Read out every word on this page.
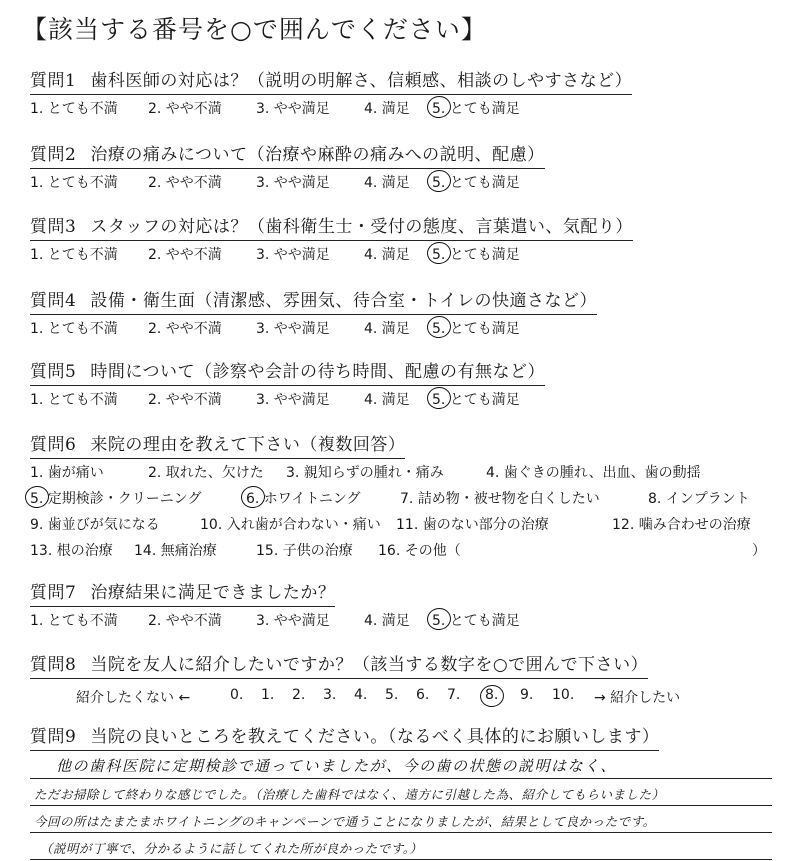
【該当する番号を○で囲んでください】
質問1 歯科医師の対応は？（説明の明解さ、信頼感、相談のしやすさなど）
1. とても不満 2. やや不満 3. やや満足 4. 満足 5. とても満足
質問2 治療の痛みについて（治療や麻酔の痛みへの説明、配慮）
1. とても不満 2. やや不満 3. やや満足 4. 満足 5. とても満足
質問3 スタッフの対応は？（歯科衛生士・受付の態度、言葉遣い、気配り）
1. とても不満 2. やや不満 3. やや満足 4. 満足 5. とても満足
質問4 設備・衛生面（清潔感、雰囲気、待合室・トイレの快適さなど）
1. とても不満 2. やや不満 3. やや満足 4. 満足 5. とても満足
質問5 時間について（診察や会計の待ち時間、配慮の有無など）
1. とても不満 2. やや不満 3. やや満足 4. 満足 5. とても満足
質問6 来院の理由を教えて下さい（複数回答）
1. 歯が痛い	2. 取れた、欠けた 3. 親知らずの腫れ・痛み	4. 歯ぐきの腫れ、出血、歯の動揺
5. 定期検診・クリーニング	6. ホワイトニング	7. 詰め物・被せ物を白くしたい	8. インプラント
9. 歯並びが気になる	10. 入れ歯が合わない・痛い 11. 歯のない部分の治療	12. 噛み合わせの治療
13. 根の治療 14. 無痛治療	15. 子供の治療 16. その他（	）
質問7 治療結果に満足できましたか？
1. とても不満 2. やや不満 3. やや満足 4. 満足 5. とても満足
質問8 当院を友人に紹介したいですか？（該当する数字を○で囲んで下さい）
紹介したくない ←	0. 1. 2. 3. 4. 5. 6. 7. 8. 9. 10. → 紹介したい
質問9 当院の良いところを教えてください。（なるべく具体的にお願いします）
他の歯科医院に定期検診で通っていましたが、今の歯の状態の説明はなく、
ただお掃除して終わりな感じでした。（治療した歯科ではなく、遠方に引越した為、紹介してもらいました）
今回の所はたまたまホワイトニングのキャンペーンで通うことになりましたが、結果として良かったです。
（説明が丁寧で、分かるように話してくれた所が良かったです。）
